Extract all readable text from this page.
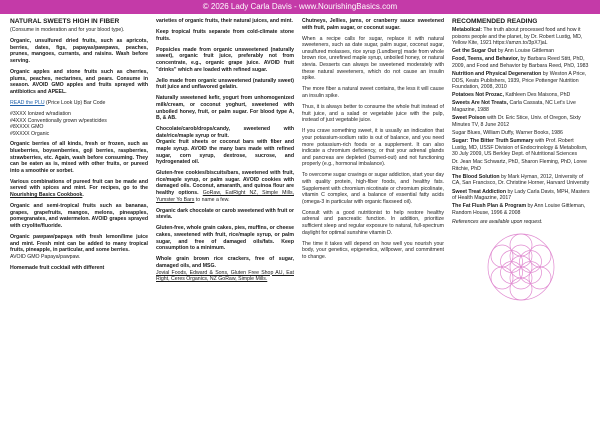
© 2026 Lady Carla Davis - www.NourishingBasics.com
NATURAL SWEETS HIGH IN FIBER

(Consume in moderation and for your blood type).

Organic, unsulfured dried fruits, such as apricots, berries, dates, figs, papayas/pawpaws, peaches, prunes, mangoes, currants, and raisins. Wash before serving.

Organic apples and stone fruits such as cherries, plums, peaches, nectarines, and pears. Consume in season. AVOID GMO apples and fruits sprayed with antibiotics and APEEL.

READ the PLU (Price Look Up) Bar Code

#3XXX Ionized w/radiation
#4XXX Conventionally grown w/pesticides
#8XXXX GMO
#9XXXX Organic

Organic berries of all kinds, fresh or frozen, such as blueberries, boysenberries, goji berries, raspberries, strawberries, etc. Again, wash before consuming. They can be eaten as is, mixed with other fruits, or pureed into a smoothie or sorbet.

Various combinations of pureed fruit can be made and served with spices and mint. For recipes, go to the Nourishing Basics Cookbook.

Organic and semi-tropical fruits such as bananas, grapes, grapefruits, mangos, melons, pineapples, pomegranates, and watermelon. AVOID grapes sprayed with cryolite/fluoride.

Organic pawpaw/papaya with fresh lemon/lime juice and mint. Fresh mint can be added to many tropical fruits, pineapple, in particular, and some berries.

AVOID GMO Papaya/pawpaw.

Homemade fruit cocktail with different

varieties of organic fruits, their natural juices, and mint.

Keep tropical fruits separate from cold-climate stone fruits.

Popsicles made from organic unsweetened (naturally sweet), organic fruit juice, preferably not from concentrate, e.g., organic grape juice. AVOID fruit "drinks" which are loaded with refined sugar.

Jello made from organic unsweetened (naturally sweet) fruit juice and unflavored gelatin.

Naturally sweetened kefir, yogurt from unhomogenized milk/cream, or coconut yoghurt, sweetened with unboiled honey, fruit, or palm sugar. For blood type A, B, & AB.

Chocolate/carob/drops/candy, sweetened with date/rice/maple syrup or fruit.

Organic fruit sheets or coconut bars with fiber and maple syrup. AVOID the many bars made with refined sugar, corn syrup, dextrose, sucrose, and hydrogenated oil.

Gluten-free cookies/biscuits/bars, sweetened with fruit, rice/maple syrup, or palm sugar. AVOID cookies with damaged oils. Coconut, amaranth, and quinoa flour are healthy options. GoRaw, EatRight NZ, Simple Mills, Yumster Yo Bars to name a few.

Organic dark chocolate or carob sweetened with fruit or stevia.

Gluten-free, whole grain cakes, pies, muffins, or cheese cakes, sweetened with fruit, rice/maple syrup, or palm sugar, and free of damaged oils/fats. Keep consumption to a minimum.

Whole grain brown rice crackers, free of sugar, damaged oils, and MSG.

Jovial Foods, Edward & Sons, Gluten Free Shop AU, Eat Right, Ceres Organics, NZ GoRaw, Simple Mills.

Chutneys, Jellies, jams, or cranberry sauce sweetened with fruit, palm sugar, or coconut sugar.

When a recipe calls for sugar, replace it with natural sweeteners, such as date sugar, palm sugar, coconut sugar, unsulfured molasses, rice syrup (Lundberg) made from whole brown rice, unrefined maple syrup, unboiled honey, or natural stevia. Desserts can always be sweetened moderately with these natural sweeteners, which do not cause an insulin spike.

The more fiber a natural sweet contains, the less it will cause an insulin spike.

Thus, it is always better to consume the whole fruit instead of fruit juice, and a salad or vegetable juice with the pulp, instead of just vegetable juice.

If you crave something sweet, it is usually an indication that your potassium-sodium ratio is out of balance, and you need more potassium-rich foods or a supplement. It can also indicate a chromium deficiency, or that your adrenal glands and pancreas are depleted (burned-out) and not functioning properly (e.g., hormonal imbalance).

To overcome sugar cravings or sugar addiction, start your day with quality protein, high-fiber foods, and healthy fats. Supplement with chromium nicotinate or chromium picolinate, vitamin C complex, and a balance of essential fatty acids (omega-3 in particular with organic flaxseed oil).

Consult with a good nutritionist to help restore healthy adrenal and pancreatic function. In addition, prioritize sufficient sleep and regular exposure to natural, full-spectrum daylight for optimal sunshine vitamin D.

The time it takes will depend on how well you nourish your body, your genetics, epigenetics, willpower, and commitment to change.

RECOMMENDED READING

Metabolical: The truth about processed food and how it poisons people and the planet, by Dr. Robert Lustig, MD, Yellow Kite, 1921 https://amzn.to/3pX7jaL

Get the Sugar Out by Ann Louise Gittleman

Food, Teens, and Behavior, by Barbara Reed Stitt, PhD, 2009, and Food and Behavior by Barbara Reed, PhD, 1983

Nutrition and Physical Degeneration by Weston A Price, DDS, Keats Publishers, 1939, Price Pottenger Nutrition Foundation, 2008, 2010

Potatoes Not Prozac, Kathleen Des Maisons, PhD

Sweets Are Not Treats, Carla Cassata, NC Let's Live Magazine, 1988

Sweet Poison with Dr. Eric Stice, Univ. of Oregon, Sixty Minutes TV, 8 June 2012

Sugar Blues, William Duffy, Warner Books, 1986

Sugar: The Bitter Truth Summary with Prof. Robert Lustig, MD, USSF Division of Endocrinology & Metabolism, 30 July 2009, US Berkley Dept. of Nutritional Sciences

Dr. Jean Mac Schwartz, PhD, Sharon Fleming, PhD, Loree Ritchie, PhD

The Blood Solution by Mark Hyman, 2012, University of CA, San Francisco, Dr. Christine Horner, Harvard University

Sweet Treat Addiction by Lady Carla Davis, MPH, Masters of Health Magazine, 2017

The Fat Flush Plan & Program by Ann Louise Gittleman, Random House, 1996 & 2008

References are available upon request.
